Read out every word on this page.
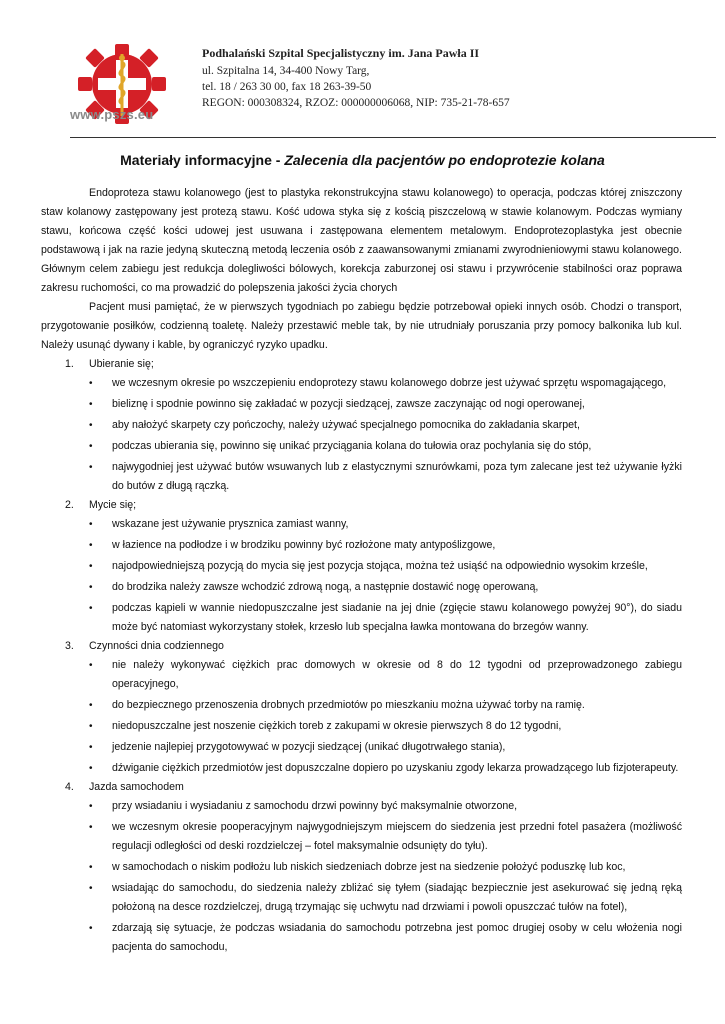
www.pszs.eu
Podhalański Szpital Specjalistyczny im. Jana Pawła II
ul. Szpitalna 14, 34-400 Nowy Targ,
tel. 18 / 263 30 00, fax 18 263-39-50
REGON: 000308324, RZOZ: 000000006068, NIP: 735-21-78-657
Materiały informacyjne - Zalecenia dla pacjentów po endoprotezie kolana

Endoproteza stawu kolanowego (jest to plastyka rekonstrukcyjna stawu kolanowego) to operacja, podczas której zniszczony staw kolanowy zastępowany jest protezą stawu. Kość udowa styka się z kością piszczelową w stawie kolanowym. Podczas wymiany stawu, końcowa część kości udowej jest usuwana i zastępowana elementem metalowym. Endoprotezoplastyka jest obecnie podstawową i jak na razie jedyną skuteczną metodą leczenia osób z zaawansowanymi zmianami zwyrodnieniowymi stawu kolanowego. Głównym celem zabiegu jest redukcja dolegliwości bólowych, korekcja zaburzonej osi stawu i przywrócenie stabilności oraz poprawa zakresu ruchomości, co ma prowadzić do polepszenia jakości życia chorych

Pacjent musi pamiętać, że w pierwszych tygodniach po zabiegu będzie potrzebował opieki innych osób. Chodzi o transport, przygotowanie posiłków, codzienną toaletę. Należy przestawić meble tak, by nie utrudniały poruszania przy pomocy balkonika lub kul. Należy usunąć dywany i kable, by ograniczyć ryzyko upadku.

1. Ubieranie się;

• we wczesnym okresie po wszczepieniu endoprotezy stawu kolanowego dobrze jest używać sprzętu wspomagającego,
• bieliznę i spodnie powinno się zakładać w pozycji siedzącej, zawsze zaczynając od nogi operowanej,
• aby nałożyć skarpety czy pończochy, należy używać specjalnego pomocnika do zakładania skarpet,
• podczas ubierania się, powinno się unikać przyciągania kolana do tułowia oraz pochylania się do stóp,
• najwygodniej jest używać butów wsuwanych lub z elastycznymi sznurówkami, poza tym zalecane jest też używanie łyżki do butów z długą rączką.

2. Mycie się;

• wskazane jest używanie prysznica zamiast wanny,
• w łazience na podłodze i w brodziku powinny być rozłożone maty antypoślizgowe,
• najodpowiedniejszą pozycją do mycia się jest pozycja stojąca, można też usiąść na odpowiednio wysokim krześle,
• do brodzika należy zawsze wchodzić zdrową nogą, a następnie dostawić nogę operowaną,
• podczas kąpieli w wannie niedopuszczalne jest siadanie na jej dnie (zgięcie stawu kolanowego powyżej 90°), do siadu może być natomiast wykorzystany stołek, krzesło lub specjalna ławka montowana do brzegów wanny.

3. Czynności dnia codziennego

• nie należy wykonywać ciężkich prac domowych w okresie od 8 do 12 tygodni od przeprowadzonego zabiegu operacyjnego,
• do bezpiecznego przenoszenia drobnych przedmiotów po mieszkaniu można używać torby na ramię.
• niedopuszczalne jest noszenie ciężkich toreb z zakupami w okresie pierwszych 8 do 12 tygodni,
• jedzenie najlepiej przygotowywać w pozycji siedzącej (unikać długotrwałego stania),
• dźwiganie ciężkich przedmiotów jest dopuszczalne dopiero po uzyskaniu zgody lekarza prowadzącego lub fizjoterapeuty.

4. Jazda samochodem

• przy wsiadaniu i wysiadaniu z samochodu drzwi powinny być maksymalnie otworzone,
• we wczesnym okresie pooperacyjnym najwygodniejszym miejscem do siedzenia jest przedni fotel pasażera (możliwość regulacji odległości od deski rozdzielczej – fotel maksymalnie odsunięty do tyłu).
• w samochodach o niskim podłożu lub niskich siedzeniach dobrze jest na siedzenie położyć poduszkę lub koc,
• wsiadając do samochodu, do siedzenia należy zbliżać się tyłem (siadając bezpiecznie jest asekurować się jedną ręką położoną na desce rozdzielczej, drugą trzymając się uchwytu nad drzwiami i powoli opuszczać tułów na fotel),
• zdarzają się sytuacje, że podczas wsiadania do samochodu potrzebna jest pomoc drugiej osoby w celu włożenia nogi pacjenta do samochodu,
